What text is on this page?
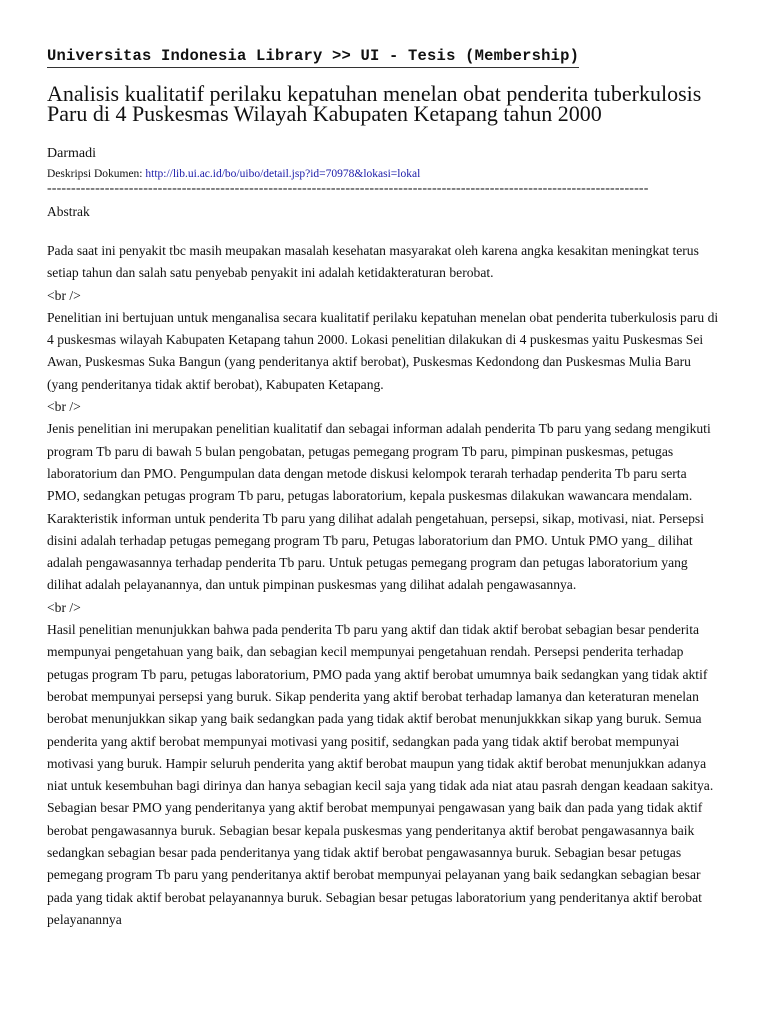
Universitas Indonesia Library >> UI - Tesis (Membership)
Analisis kualitatif perilaku kepatuhan menelan obat penderita tuberkulosis Paru di 4 Puskesmas Wilayah Kabupaten Ketapang tahun 2000
Darmadi
Deskripsi Dokumen: http://lib.ui.ac.id/bo/uibo/detail.jsp?id=70978&lokasi=lokal
-----------------------------------------------------------------------------------------------------------------------------
Abstrak

Pada saat ini penyakit tbc masih meupakan masalah kesehatan masyarakat oleh karena angka kesakitan meningkat terus setiap tahun dan salah satu penyebab penyakit ini adalah ketidakteraturan berobat.

<br />

Penelitian ini bertujuan untuk menganalisa secara kualitatif perilaku kepatuhan menelan obat penderita tuberkulosis paru di 4 puskesmas wilayah Kabupaten Ketapang tahun 2000. Lokasi penelitian dilakukan di 4 puskesmas yaitu Puskesmas Sei Awan, Puskesmas Suka Bangun (yang penderitanya aktif berobat), Puskesmas Kedondong dan Puskesmas Mulia Baru (yang penderitanya tidak aktif berobat), Kabupaten Ketapang.

<br />

Jenis penelitian ini merupakan penelitian kualitatif dan sebagai informan adalah penderita Tb paru yang sedang mengikuti program Tb paru di bawah 5 bulan pengobatan, petugas pemegang program Tb paru, pimpinan puskesmas, petugas laboratorium dan PMO. Pengumpulan data dengan metode diskusi kelompok terarah terhadap penderita Tb paru serta PMO, sedangkan petugas program Tb paru, petugas laboratorium, kepala puskesmas dilakukan wawancara mendalam. Karakteristik informan untuk penderita Tb paru yang dilihat adalah pengetahuan, persepsi, sikap, motivasi, niat. Persepsi disini adalah terhadap petugas pemegang program Tb paru, Petugas laboratorium dan PMO. Untuk PMO yang_ dilihat adalah pengawasannya terhadap penderita Tb paru. Untuk petugas pemegang program dan petugas laboratorium yang dilihat adalah pelayanannya, dan untuk pimpinan puskesmas yang dilihat adalah pengawasannya.

<br />

Hasil penelitian menunjukkan bahwa pada penderita Tb paru yang aktif dan tidak aktif berobat sebagian besar penderita mempunyai pengetahuan yang baik, dan sebagian kecil mempunyai pengetahuan rendah. Persepsi penderita terhadap petugas program Tb paru, petugas laboratorium, PMO pada yang aktif berobat umumnya baik sedangkan yang tidak aktif berobat mempunyai persepsi yang buruk. Sikap penderita yang aktif berobat terhadap lamanya dan keteraturan menelan berobat menunjukkan sikap yang baik sedangkan pada yang tidak aktif berobat menunjukkkan sikap yang buruk. Semua penderita yang aktif berobat mempunyai motivasi yang positif, sedangkan pada yang tidak aktif berobat mempunyai motivasi yang buruk. Hampir seluruh penderita yang aktif berobat maupun yang tidak aktif berobat menunjukkan adanya niat untuk kesembuhan bagi dirinya dan hanya sebagian kecil saja yang tidak ada niat atau pasrah dengan keadaan sakitya. Sebagian besar PMO yang penderitanya yang aktif berobat mempunyai pengawasan yang baik dan pada yang tidak aktif berobat pengawasannya buruk. Sebagian besar kepala puskesmas yang penderitanya aktif berobat pengawasannya baik sedangkan sebagian besar pada penderitanya yang tidak aktif berobat pengawasannya buruk. Sebagian besar petugas pemegang program Tb paru yang penderitanya aktif berobat mempunyai pelayanan yang baik sedangkan sebagian besar pada yang tidak aktif berobat pelayanannya buruk. Sebagian besar petugas laboratorium yang penderitanya aktif berobat pelayanannya
